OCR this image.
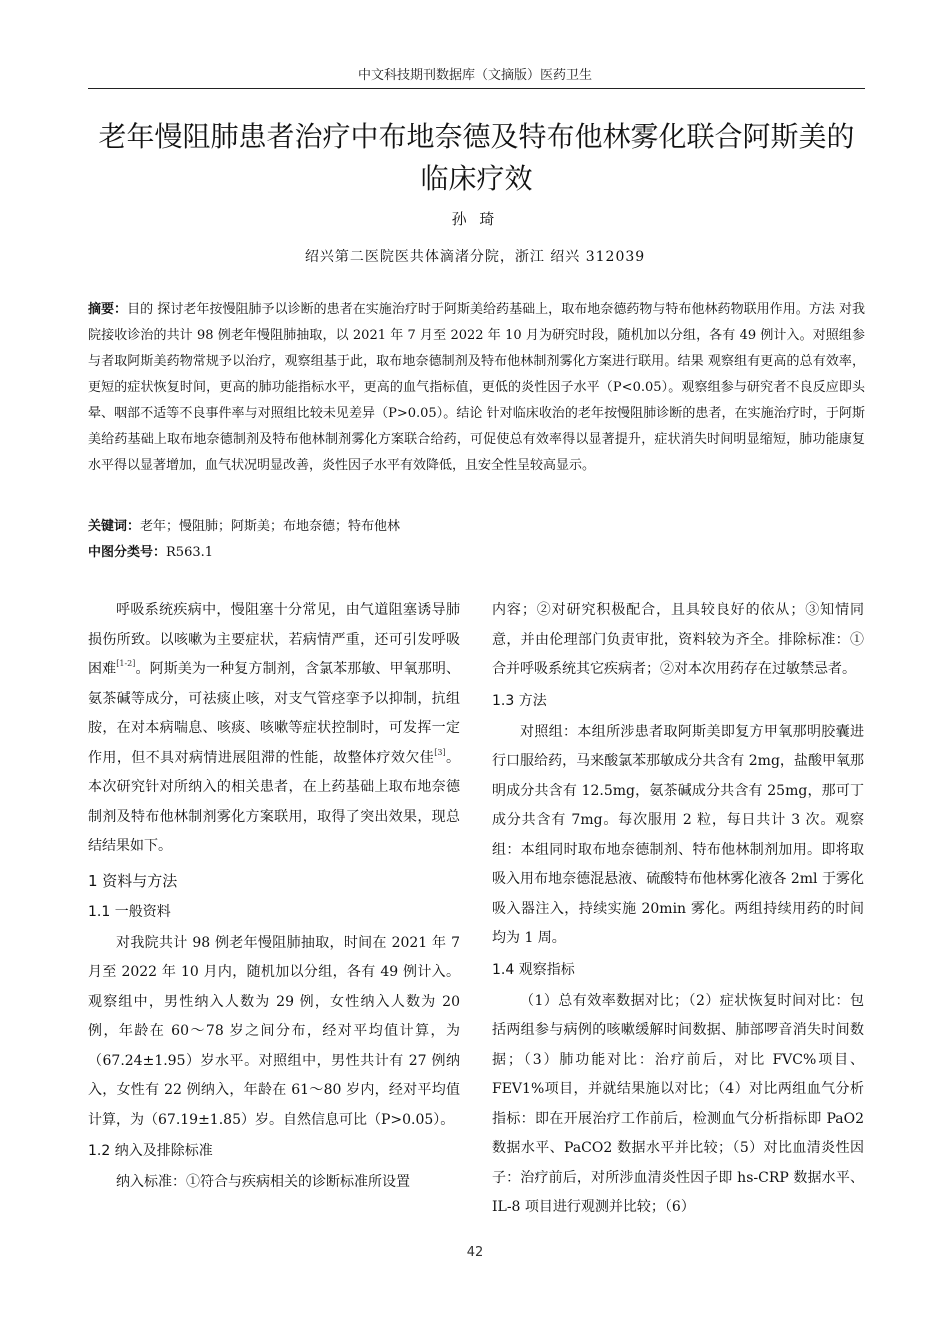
中文科技期刊数据库（文摘版）医药卫生
老年慢阻肺患者治疗中布地奈德及特布他林雾化联合阿斯美的临床疗效
孙 琦
绍兴第二医院医共体滴渚分院，浙江 绍兴 312039
摘要：目的 探讨老年按慢阻肺予以诊断的患者在实施治疗时于阿斯美给药基础上，取布地奈德药物与特布他林药物联用作用。方法 对我院接收诊治的共计 98 例老年慢阻肺抽取，以 2021 年 7 月至 2022 年 10 月为研究时段，随机加以分组，各有 49 例计入。对照组参与者取阿斯美药物常规予以治疗，观察组基于此，取布地奈德制剂及特布他林制剂雾化方案进行联用。结果 观察组有更高的总有效率，更短的症状恢复时间，更高的肺功能指标水平，更高的血气指标值，更低的炎性因子水平（P<0.05）。观察组参与研究者不良反应即头晕、咽部不适等不良事件率与对照组比较未见差异（P>0.05）。结论 针对临床收治的老年按慢阻肺诊断的患者，在实施治疗时，于阿斯美给药基础上取布地奈德制剂及特布他林制剂雾化方案联合给药，可促使总有效率得以显著提升，症状消失时间明显缩短，肺功能康复水平得以显著增加，血气状况明显改善，炎性因子水平有效降低，且安全性呈较高显示。
关键词：老年；慢阻肺；阿斯美；布地奈德；特布他林
中图分类号：R563.1

呼吸系统疾病中，慢阻塞十分常见，由气道阻塞诱导肺损伤所致。以咳嗽为主要症状，若病情严重，还可引发呼吸困难[1-2]。阿斯美为一种复方制剂，含氯苯那敏、甲氧那明、氨茶碱等成分，可祛痰止咳，对支气管痉挛予以抑制，抗组胺，在对本病喘息、咳痰、咳嗽等症状控制时，可发挥一定作用，但不具对病情进展阻滞的性能，故整体疗效欠佳[3]。本次研究针对所纳入的相关患者，在上药基础上取布地奈德制剂及特布他林制剂雾化方案联用，取得了突出效果，现总结结果如下。

1 资料与方法
1.1 一般资料

对我院共计 98 例老年慢阻肺抽取，时间在 2021 年 7 月至 2022 年 10 月内，随机加以分组，各有 49 例计入。观察组中，男性纳入人数为 29 例，女性纳入人数为 20 例，年龄在 60～78 岁之间分布，经对平均值计算，为（67.24±1.95）岁水平。对照组中，男性共计有 27 例纳入，女性有 22 例纳入，年龄在 61～80 岁内，经对平均值计算，为（67.19±1.85）岁。自然信息可比（P>0.05）。

1.2 纳入及排除标准

纳入标准：①符合与疾病相关的诊断标准所设置

内容；②对研究积极配合，且具较良好的依从；③知情同意，并由伦理部门负责审批，资料较为齐全。排除标准：①合并呼吸系统其它疾病者；②对本次用药存在过敏禁忌者。

1.3 方法

对照组：本组所涉患者取阿斯美即复方甲氧那明胶囊进行口服给药，马来酸氯苯那敏成分共含有 2mg，盐酸甲氧那明成分共含有 12.5mg，氨茶碱成分共含有 25mg，那可丁成分共含有 7mg。每次服用 2 粒，每日共计 3 次。观察组：本组同时取布地奈德制剂、特布他林制剂加用。即将取 吸入用布地奈德混悬液、硫酸特布他林雾化液各 2ml 于雾化吸入器注入，持续实施 20min 雾化。两组持续用药的时间均为 1 周。

1.4 观察指标

（1）总有效率数据对比；（2）症状恢复时间对比：包括两组参与病例的咳嗽缓解时间数据、肺部啰音消失时间数据；（3）肺功能对比：治疗前后，对比 FVC%项目、FEV1%项目，并就结果施以对比；（4）对比两组血气分析指标：即在开展治疗工作前后，检测血气分析指标即 PaO2 数据水平、PaCO2 数据水平并比较；（5）对比血清炎性因子：治疗前后，对所涉血清炎性因子即 hs-CRP 数据水平、IL-8 项目进行观测并比较；（6）

42
